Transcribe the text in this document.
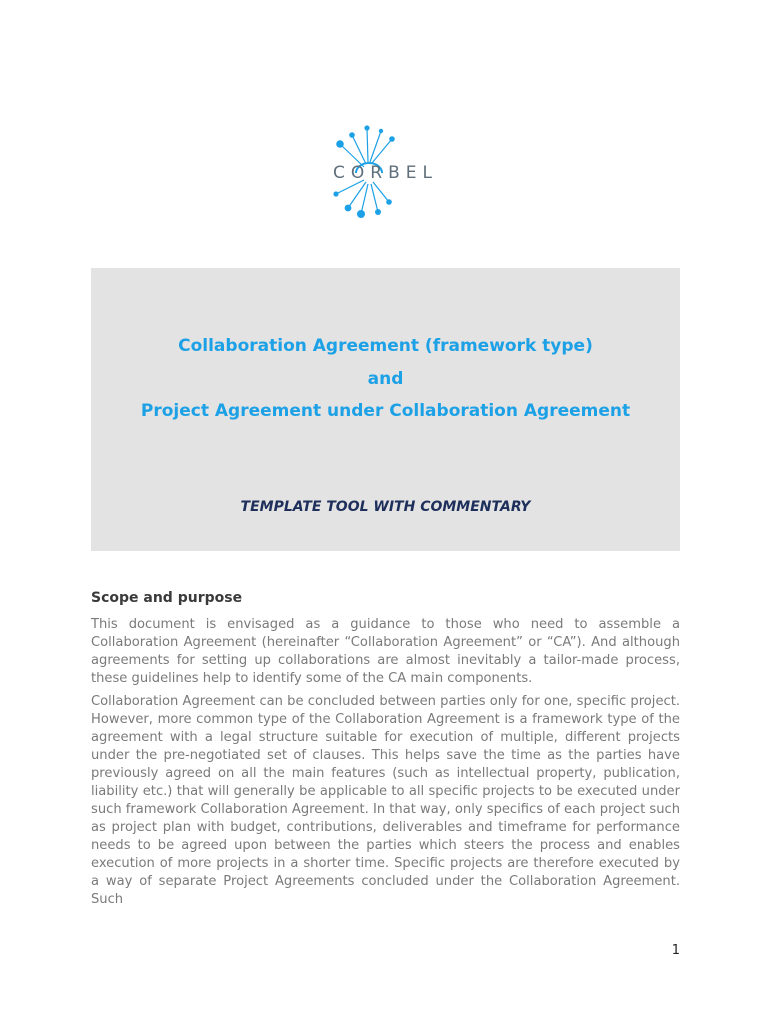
CORBEL
Collaboration Agreement (framework type)
and
Project Agreement under Collaboration Agreement
TEMPLATE TOOL WITH COMMENTARY
Scope and purpose

This document is envisaged as a guidance to those who need to assemble a Collaboration Agreement (hereinafter “Collaboration Agreement” or “CA”). And although agreements for setting up collaborations are almost inevitably a tailor-made process, these guidelines help to identify some of the CA main components.

Collaboration Agreement can be concluded between parties only for one, specific project. However, more common type of the Collaboration Agreement is a framework type of the agreement with a legal structure suitable for execution of multiple, different projects under the pre-negotiated set of clauses. This helps save the time as the parties have previously agreed on all the main features (such as intellectual property, publication, liability etc.) that will generally be applicable to all specific projects to be executed under such framework Collaboration Agreement. In that way, only specifics of each project such as project plan with budget, contributions, deliverables and timeframe for performance needs to be agreed upon between the parties which steers the process and enables execution of more projects in a shorter time. Specific projects are therefore executed by a way of separate Project Agreements concluded under the Collaboration Agreement. Such

1
